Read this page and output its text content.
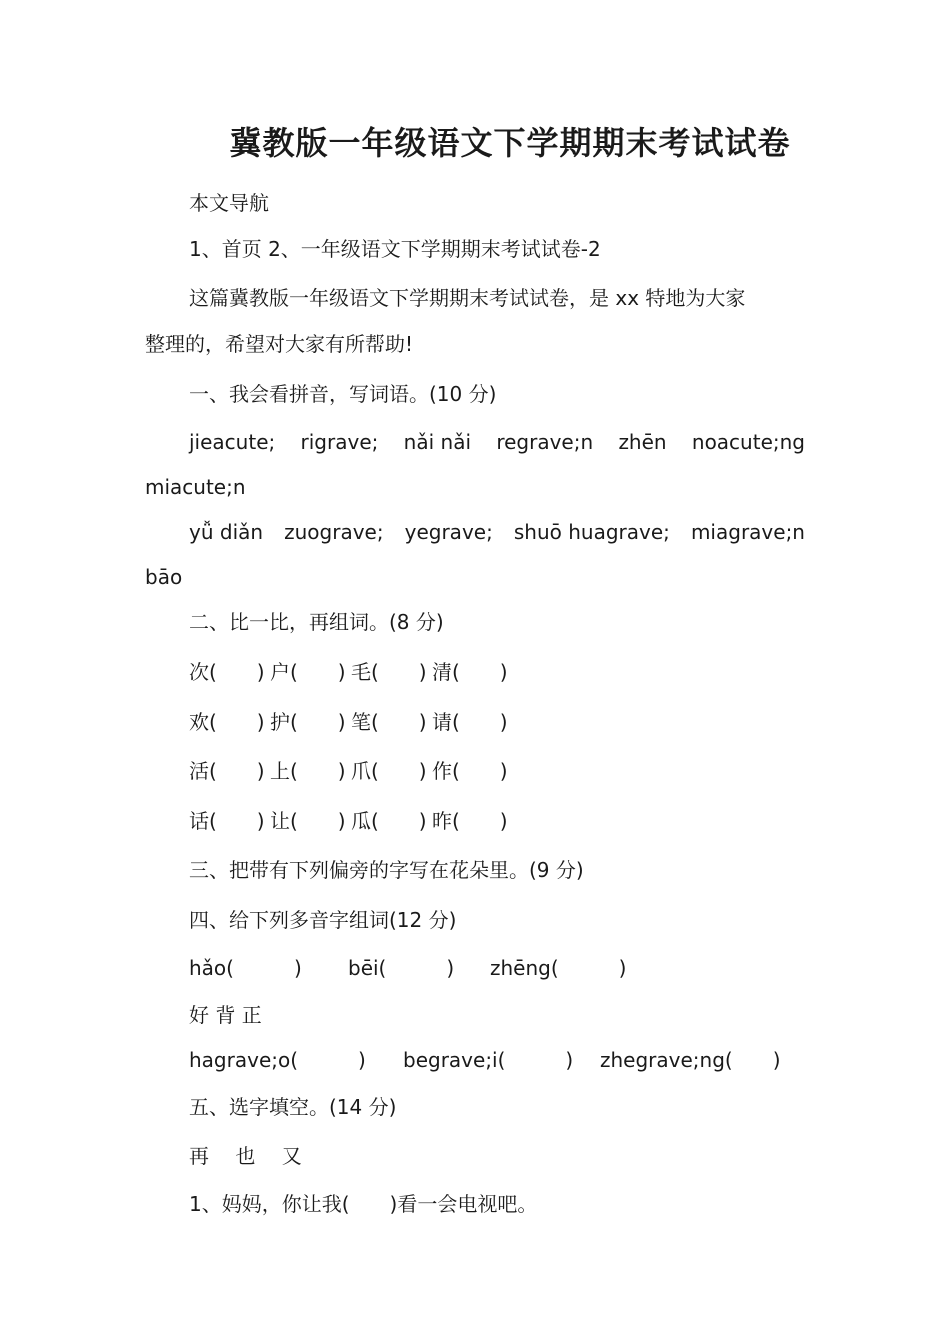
冀教版一年级语文下学期期末考试试卷
本文导航
1、首页 2、一年级语文下学期期末考试试卷-2
这篇冀教版一年级语文下学期期末考试试卷，是 xx 特地为大家
整理的，希望对大家有所帮助!
一、我会看拼音，写词语。(10 分)
jieacute; rigrave; nǎi nǎi regrave;n zhēn noacute;ng
miacute;n
yǚ diǎn zuograve; yegrave; shuō huagrave; miagrave;n
bāo
二、比一比，再组词。(8 分)
次(　　) 户(　　) 毛(　　) 清(　　)
欢(　　) 护(　　) 笔(　　) 请(　　)
活(　　) 上(　　) 爪(　　) 作(　　)
话(　　) 让(　　) 瓜(　　) 昨(　　)
三、把带有下列偏旁的字写在花朵里。(9 分)
四、给下列多音字组词(12 分)
hǎo(　　　) bēi(　　　) zhēng(　　　)
好 背 正
hagrave;o(　　　) begrave;i(　　　) zhegrave;ng(　　)
五、选字填空。(14 分)
再　 也　 又
1、妈妈，你让我(　　)看一会电视吧。
